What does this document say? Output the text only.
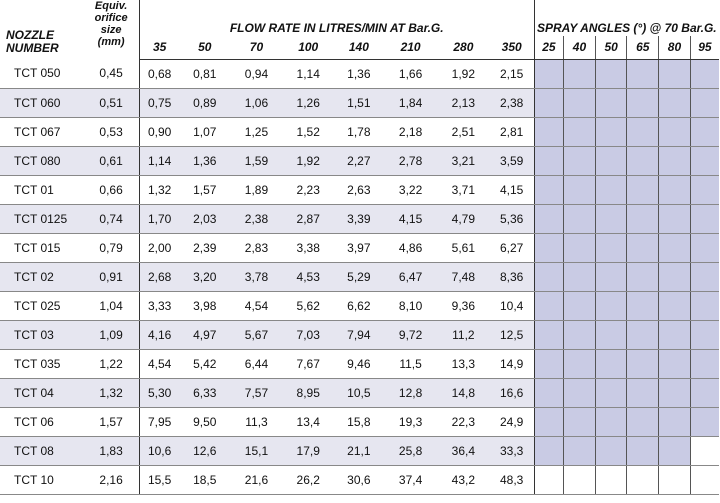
NOZZLE
NUMBER	Equiv.
orifice
size
(mm)	FLOW RATE IN LITRES/MIN AT Bar.G.								SPRAY ANGLES (°) @ 70 Bar.G.					
		35	50	70	100	140	210	280	350	25	40	50	65	80	95
TCT 050	0,45	0,68	0,81	0,94	1,14	1,36	1,66	1,92	2,15						
TCT 060	0,51	0,75	0,89	1,06	1,26	1,51	1,84	2,13	2,38						
TCT 067	0,53	0,90	1,07	1,25	1,52	1,78	2,18	2,51	2,81						
TCT 080	0,61	1,14	1,36	1,59	1,92	2,27	2,78	3,21	3,59						
TCT 01	0,66	1,32	1,57	1,89	2,23	2,63	3,22	3,71	4,15						
TCT 0125	0,74	1,70	2,03	2,38	2,87	3,39	4,15	4,79	5,36						
TCT 015	0,79	2,00	2,39	2,83	3,38	3,97	4,86	5,61	6,27						
TCT 02	0,91	2,68	3,20	3,78	4,53	5,29	6,47	7,48	8,36						
TCT 025	1,04	3,33	3,98	4,54	5,62	6,62	8,10	9,36	10,4						
TCT 03	1,09	4,16	4,97	5,67	7,03	7,94	9,72	11,2	12,5						
TCT 035	1,22	4,54	5,42	6,44	7,67	9,46	11,5	13,3	14,9						
TCT 04	1,32	5,30	6,33	7,57	8,95	10,5	12,8	14,8	16,6						
TCT 06	1,57	7,95	9,50	11,3	13,4	15,8	19,3	22,3	24,9						
TCT 08	1,83	10,6	12,6	15,1	17,9	21,1	25,8	36,4	33,3						
TCT 10	2,16	15,5	18,5	21,6	26,2	30,6	37,4	43,2	48,3						
